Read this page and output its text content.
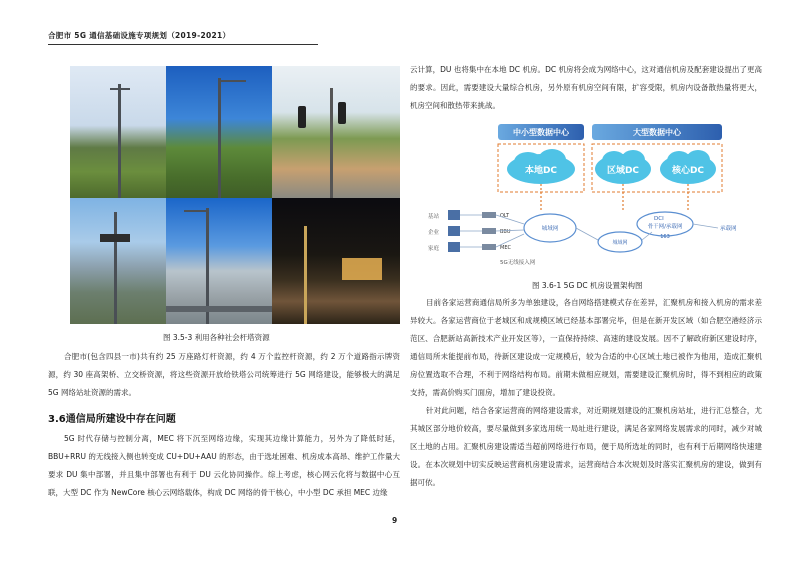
合肥市 5G 通信基础设施专项规划（2019-2021）
图 3.5-3 利用各种社会杆塔资源

合肥市(包含四县一市)共有约 25 万座路灯杆资源，约 4 万个监控杆资源，约 2 万个道路指示牌资源，约 30 座高架桥、立交桥资源，将这些资源开放给铁塔公司统筹进行 5G 网络建设，能够极大的满足 5G 网络站址资源的需求。

3.6通信局所建设中存在问题

5G 时代存储与控制分离，MEC 将下沉至网络边缘，实现其边缘计算能力，另外为了降低时延，BBU+RRU 的无线接入侧也转变成 CU+DU+AAU 的形态，由于选址困难、机房成本高昂、维护工作量大要求 DU 集中部署，并且集中部署也有利于 DU 云化协同操作。综上考虑，核心网云化将与数据中心互联，大型 DC 作为 NewCore 核心云网络载体，构成 DC 网络的骨干核心，中小型 DC 承担 MEC 边缘

云计算，DU 也将集中在本地 DC 机房。DC 机房将会成为网络中心，这对通信机房及配套建设提出了更高的要求。因此，需要建设大量综合机房，另外原有机房空间有限，扩容受限，机房内设备散热量将更大，机房空间和散热带来挑战。

中小型数据中心	大型数据中心
本地DC	区域DC	核心DC
基站
企业
家庭
OLT
BBU
MEC
城域网
城域网
DCI
骨干网/承载网
163
承载网
5G无线接入网
图 3.6-1 5G DC 机房设置架构图

目前各家运营商通信局所多为单独建设，各自网络搭建模式存在差异，汇聚机房和接入机房的需求差异较大。各家运营商位于老城区和成规模区域已经基本部署完毕，但是在新开发区域（如合肥空港经济示范区、合肥新站高新技术产业开发区等），一直保持持续、高速的建设发展。因不了解政府新区建设时序，通信局所未能提前布局，待新区建设成一定规模后，较为合适的中心区域土地已被作为他用，造成汇聚机房位置选取不合理，不利于网络结构布局。前期未做相应规划，需要建设汇聚机房时，得不到相应的政策支持，需高价购买门面房，增加了建设投资。

针对此问题，结合各家运营商的网络建设需求，对近期规划建设的汇聚机房站址，进行汇总整合，尤其城区部分地价较高，要尽量做到多家选用统一局址进行建设，满足各家网络发展需求的同时，减少对城区土地的占用。汇聚机房建设需适当超前网络进行布局，便于局所选址的同时，也有利于后期网络快速建设。在本次规划中切实反映运营商机房建设需求，运营商结合本次规划及时落实汇聚机房的建设，做到有据可依。

9
